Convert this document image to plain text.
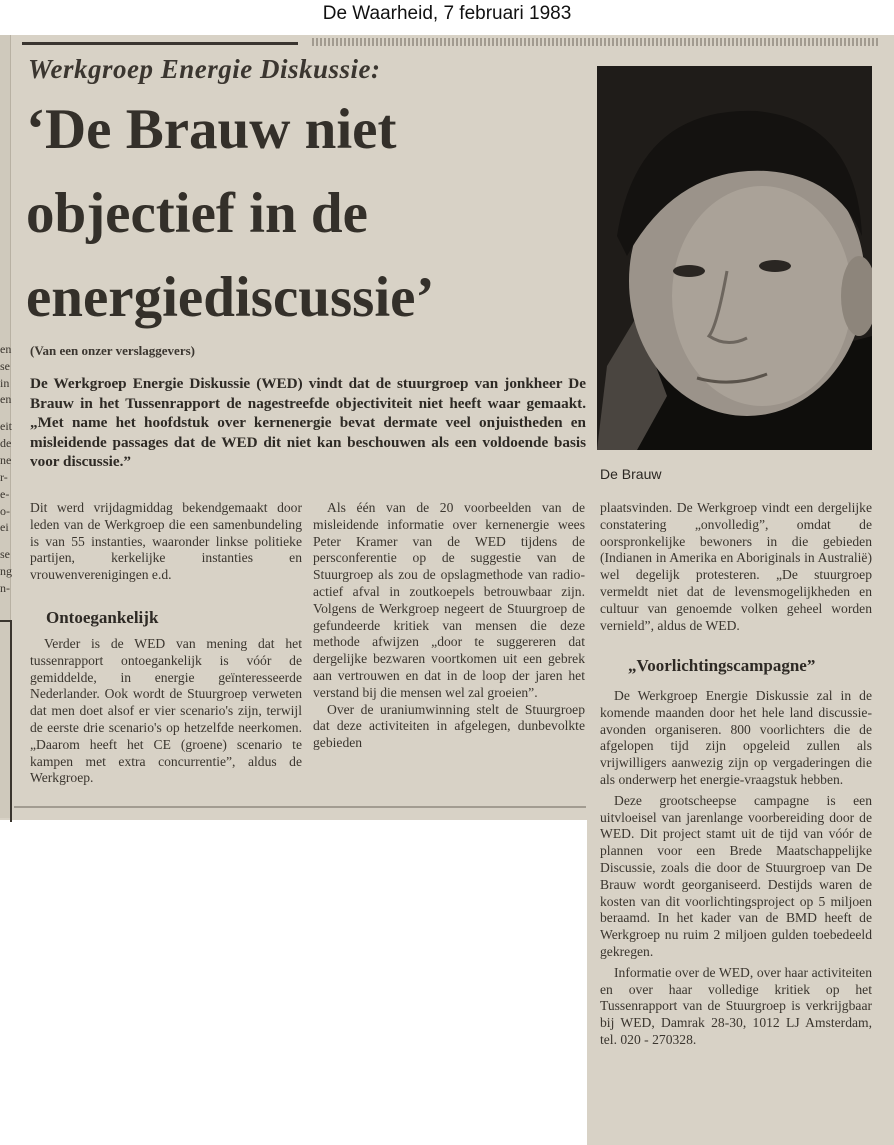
De Waarheid, 7 februari 1983
en
se
in
en
eit
de
ne
r-
e-
o-
ei
se
ng
n-
Werkgroep Energie Diskussie:
‘De Brauw niet
objectief in de
energiediscussie’
(Van een onzer verslaggevers)
De Werkgroep Energie Diskussie (WED) vindt dat de stuurgroep van jonkheer De Brauw in het Tussenrapport de nagestreefde objectiviteit niet heeft waar gemaakt. „Met name het hoofdstuk over kernenergie bevat dermate veel onjuistheden en misleidende passages dat de WED dit niet kan beschouwen als een voldoende basis voor discussie.”
De Brauw

Dit werd vrijdagmiddag bekendgemaakt door leden van de Werkgroep die een samenbundeling is van 55 instanties, waaronder linkse politieke partijen, kerkelijke instanties en vrouwenverenigingen e.d.

Ontoegankelijk

Verder is de WED van mening dat het tussenrapport ontoegankelijk is vóór de gemiddelde, in energie geïnteresseerde Nederlander. Ook wordt de Stuurgroep verweten dat men doet alsof er vier scenario's zijn, terwijl de eerste drie scenario's op hetzelfde neerkomen. „Daarom heeft het CE (groene) scenario te kampen met extra concurrentie”, aldus de Werkgroep.

Als één van de 20 voorbeelden van de misleidende informatie over kernenergie wees Peter Kramer van de WED tijdens de persconferentie op de suggestie van de Stuurgroep als zou de opslagmethode van radio-actief afval in zoutkoepels betrouwbaar zijn. Volgens de Werkgroep negeert de Stuurgroep de gefundeerde kritiek van mensen die deze methode afwijzen „door te suggereren dat dergelijke bezwaren voortkomen uit een gebrek aan vertrouwen en dat in de loop der jaren het verstand bij die mensen wel zal groeien”.

Over de uraniumwinning stelt de Stuurgroep dat deze activiteiten in afgelegen, dunbevolkte gebieden

plaatsvinden. De Werkgroep vindt een dergelijke constatering „onvolledig”, omdat de oorspronkelijke bewoners in die gebieden (Indianen in Amerika en Aboriginals in Australië) wel degelijk protesteren. „De stuurgroep vermeldt niet dat de levensmogelijkheden en cultuur van genoemde volken geheel worden vernield”, aldus de WED.

„Voorlichtingscampagne”

De Werkgroep Energie Diskussie zal in de komende maanden door het hele land discussie-avonden organiseren. 800 voorlichters die de afgelopen tijd zijn opgeleid zullen als vrijwilligers aanwezig zijn op vergaderingen die als onderwerp het energie-vraagstuk hebben.

Deze grootscheepse campagne is een uitvloeisel van jarenlange voorbereiding door de WED. Dit project stamt uit de tijd van vóór de plannen voor een Brede Maatschappelijke Discussie, zoals die door de Stuurgroep van De Brauw wordt georganiseerd. Destijds waren de kosten van dit voorlichtingsproject op 5 miljoen beraamd. In het kader van de BMD heeft de Werkgroep nu ruim 2 miljoen gulden toebedeeld gekregen.

Informatie over de WED, over haar activiteiten en over haar volledige kritiek op het Tussenrapport van de Stuurgroep is verkrijgbaar bij WED, Damrak 28-30, 1012 LJ Amsterdam, tel. 020 - 270328.
